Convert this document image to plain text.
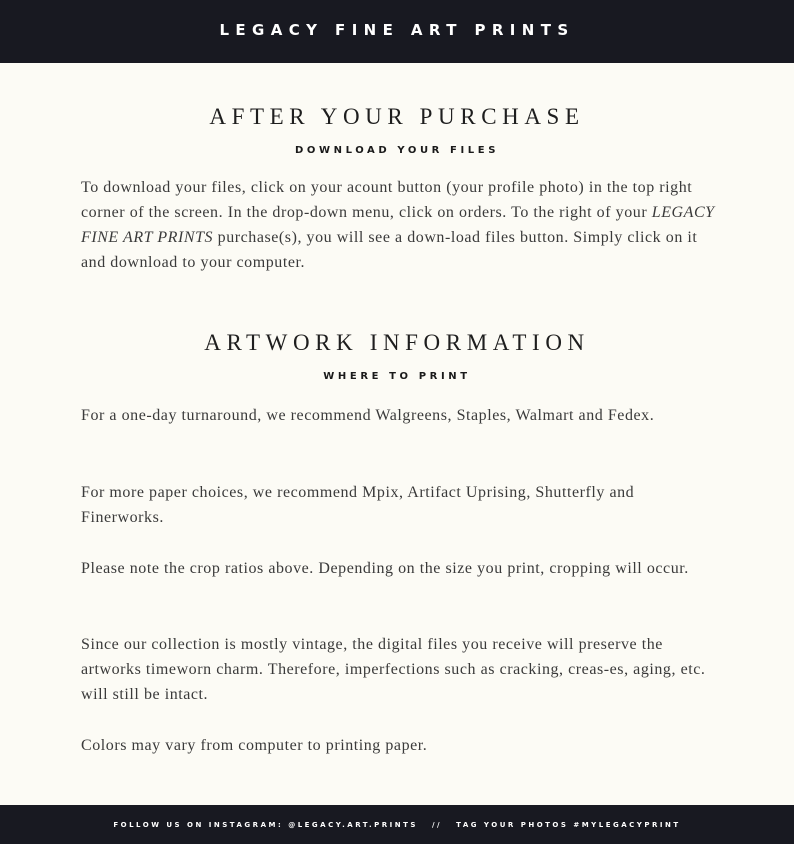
LEGACY FINE ART PRINTS
AFTER YOUR PURCHASE
DOWNLOAD YOUR FILES

To download your files, click on your acount button (your profile photo) in the top right corner of the screen. In the drop-down menu, click on orders. To the right of your LEGACY FINE ART PRINTS purchase(s), you will see a down-load files button. Simply click on it and download to your computer.

ARTWORK INFORMATION
WHERE TO PRINT

For a one-day turnaround, we recommend Walgreens, Staples, Walmart and Fedex.

For more paper choices, we recommend Mpix, Artifact Uprising, Shutterfly and Finerworks.

Please note the crop ratios above. Depending on the size you print, cropping will occur.

Since our collection is mostly vintage, the digital files you receive will preserve the artworks timeworn charm. Therefore, imperfections such as cracking, creas-es, aging, etc. will still be intact.

Colors may vary from computer to printing paper.

FOLLOW US ON INSTAGRAM: @LEGACY.ART.PRINTS // TAG YOUR PHOTOS #MYLEGACYPRINT
